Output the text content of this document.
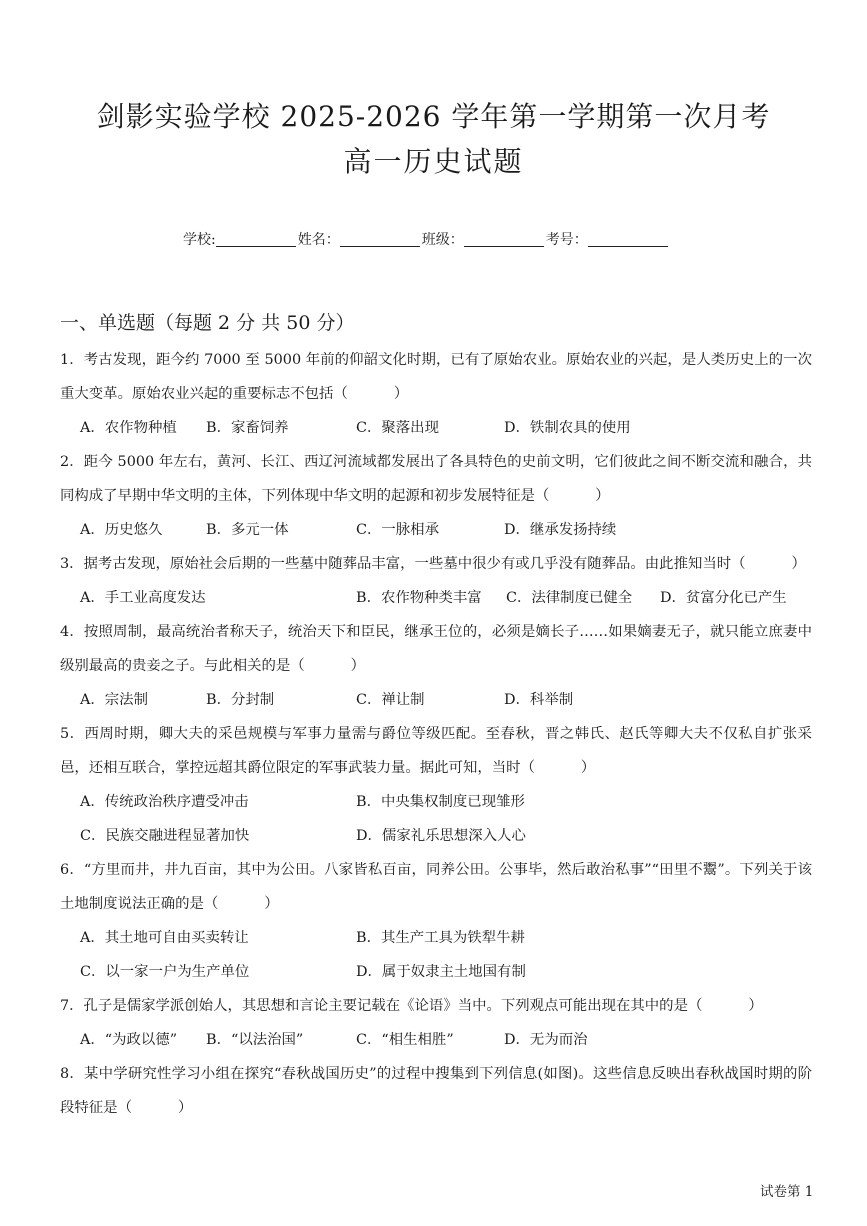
剑影实验学校 2025-2026 学年第一学期第一次月考
高一历史试题
学校:	姓名：	班级：	考号：
一、单选题（每题 2 分 共 50 分）

1．考古发现，距今约 7000 至 5000 年前的仰韶文化时期，已有了原始农业。原始农业的兴起，是人类历史上的一次重大变革。原始农业兴起的重要标志不包括（	）

A．农作物种植	B．家畜饲养	C．聚落出现	D．铁制农具的使用

2．距今 5000 年左右，黄河、长江、西辽河流域都发展出了各具特色的史前文明，它们彼此之间不断交流和融合，共同构成了早期中华文明的主体，下列体现中华文明的起源和初步发展特征是（	）

A．历史悠久	B．多元一体	C．一脉相承	D．继承发扬持续

3．据考古发现，原始社会后期的一些墓中随葬品丰富，一些墓中很少有或几乎没有随葬品。由此推知当时（	）

A．手工业高度发达	B．农作物种类丰富	C．法律制度已健全	D．贫富分化已产生

4．按照周制，最高统治者称天子，统治天下和臣民，继承王位的，必须是嫡长子……如果嫡妻无子，就只能立庶妻中级别最高的贵妾之子。与此相关的是（	）

A．宗法制	B．分封制	C．禅让制	D．科举制

5．西周时期，卿大夫的采邑规模与军事力量需与爵位等级匹配。至春秋，晋之韩氏、赵氏等卿大夫不仅私自扩张采邑，还相互联合，掌控远超其爵位限定的军事武装力量。据此可知，当时（	）

A．传统政治秩序遭受冲击	B．中央集权制度已现雏形
C．民族交融进程显著加快	D．儒家礼乐思想深入人心

6．“方里而井，井九百亩，其中为公田。八家皆私百亩，同养公田。公事毕，然后敢治私事”“田里不鬻”。下列关于该土地制度说法正确的是（	）

A．其土地可自由买卖转让	B．其生产工具为铁犁牛耕
C．以一家一户为生产单位	D．属于奴隶主土地国有制

7．孔子是儒家学派创始人，其思想和言论主要记载在《论语》当中。下列观点可能出现在其中的是（	）

A．“为政以德”	B．“以法治国”	C．“相生相胜”	D．无为而治

8．某中学研究性学习小组在探究“春秋战国历史”的过程中搜集到下列信息(如图)。这些信息反映出春秋战国时期的阶段特征是（	）

试卷第 1
